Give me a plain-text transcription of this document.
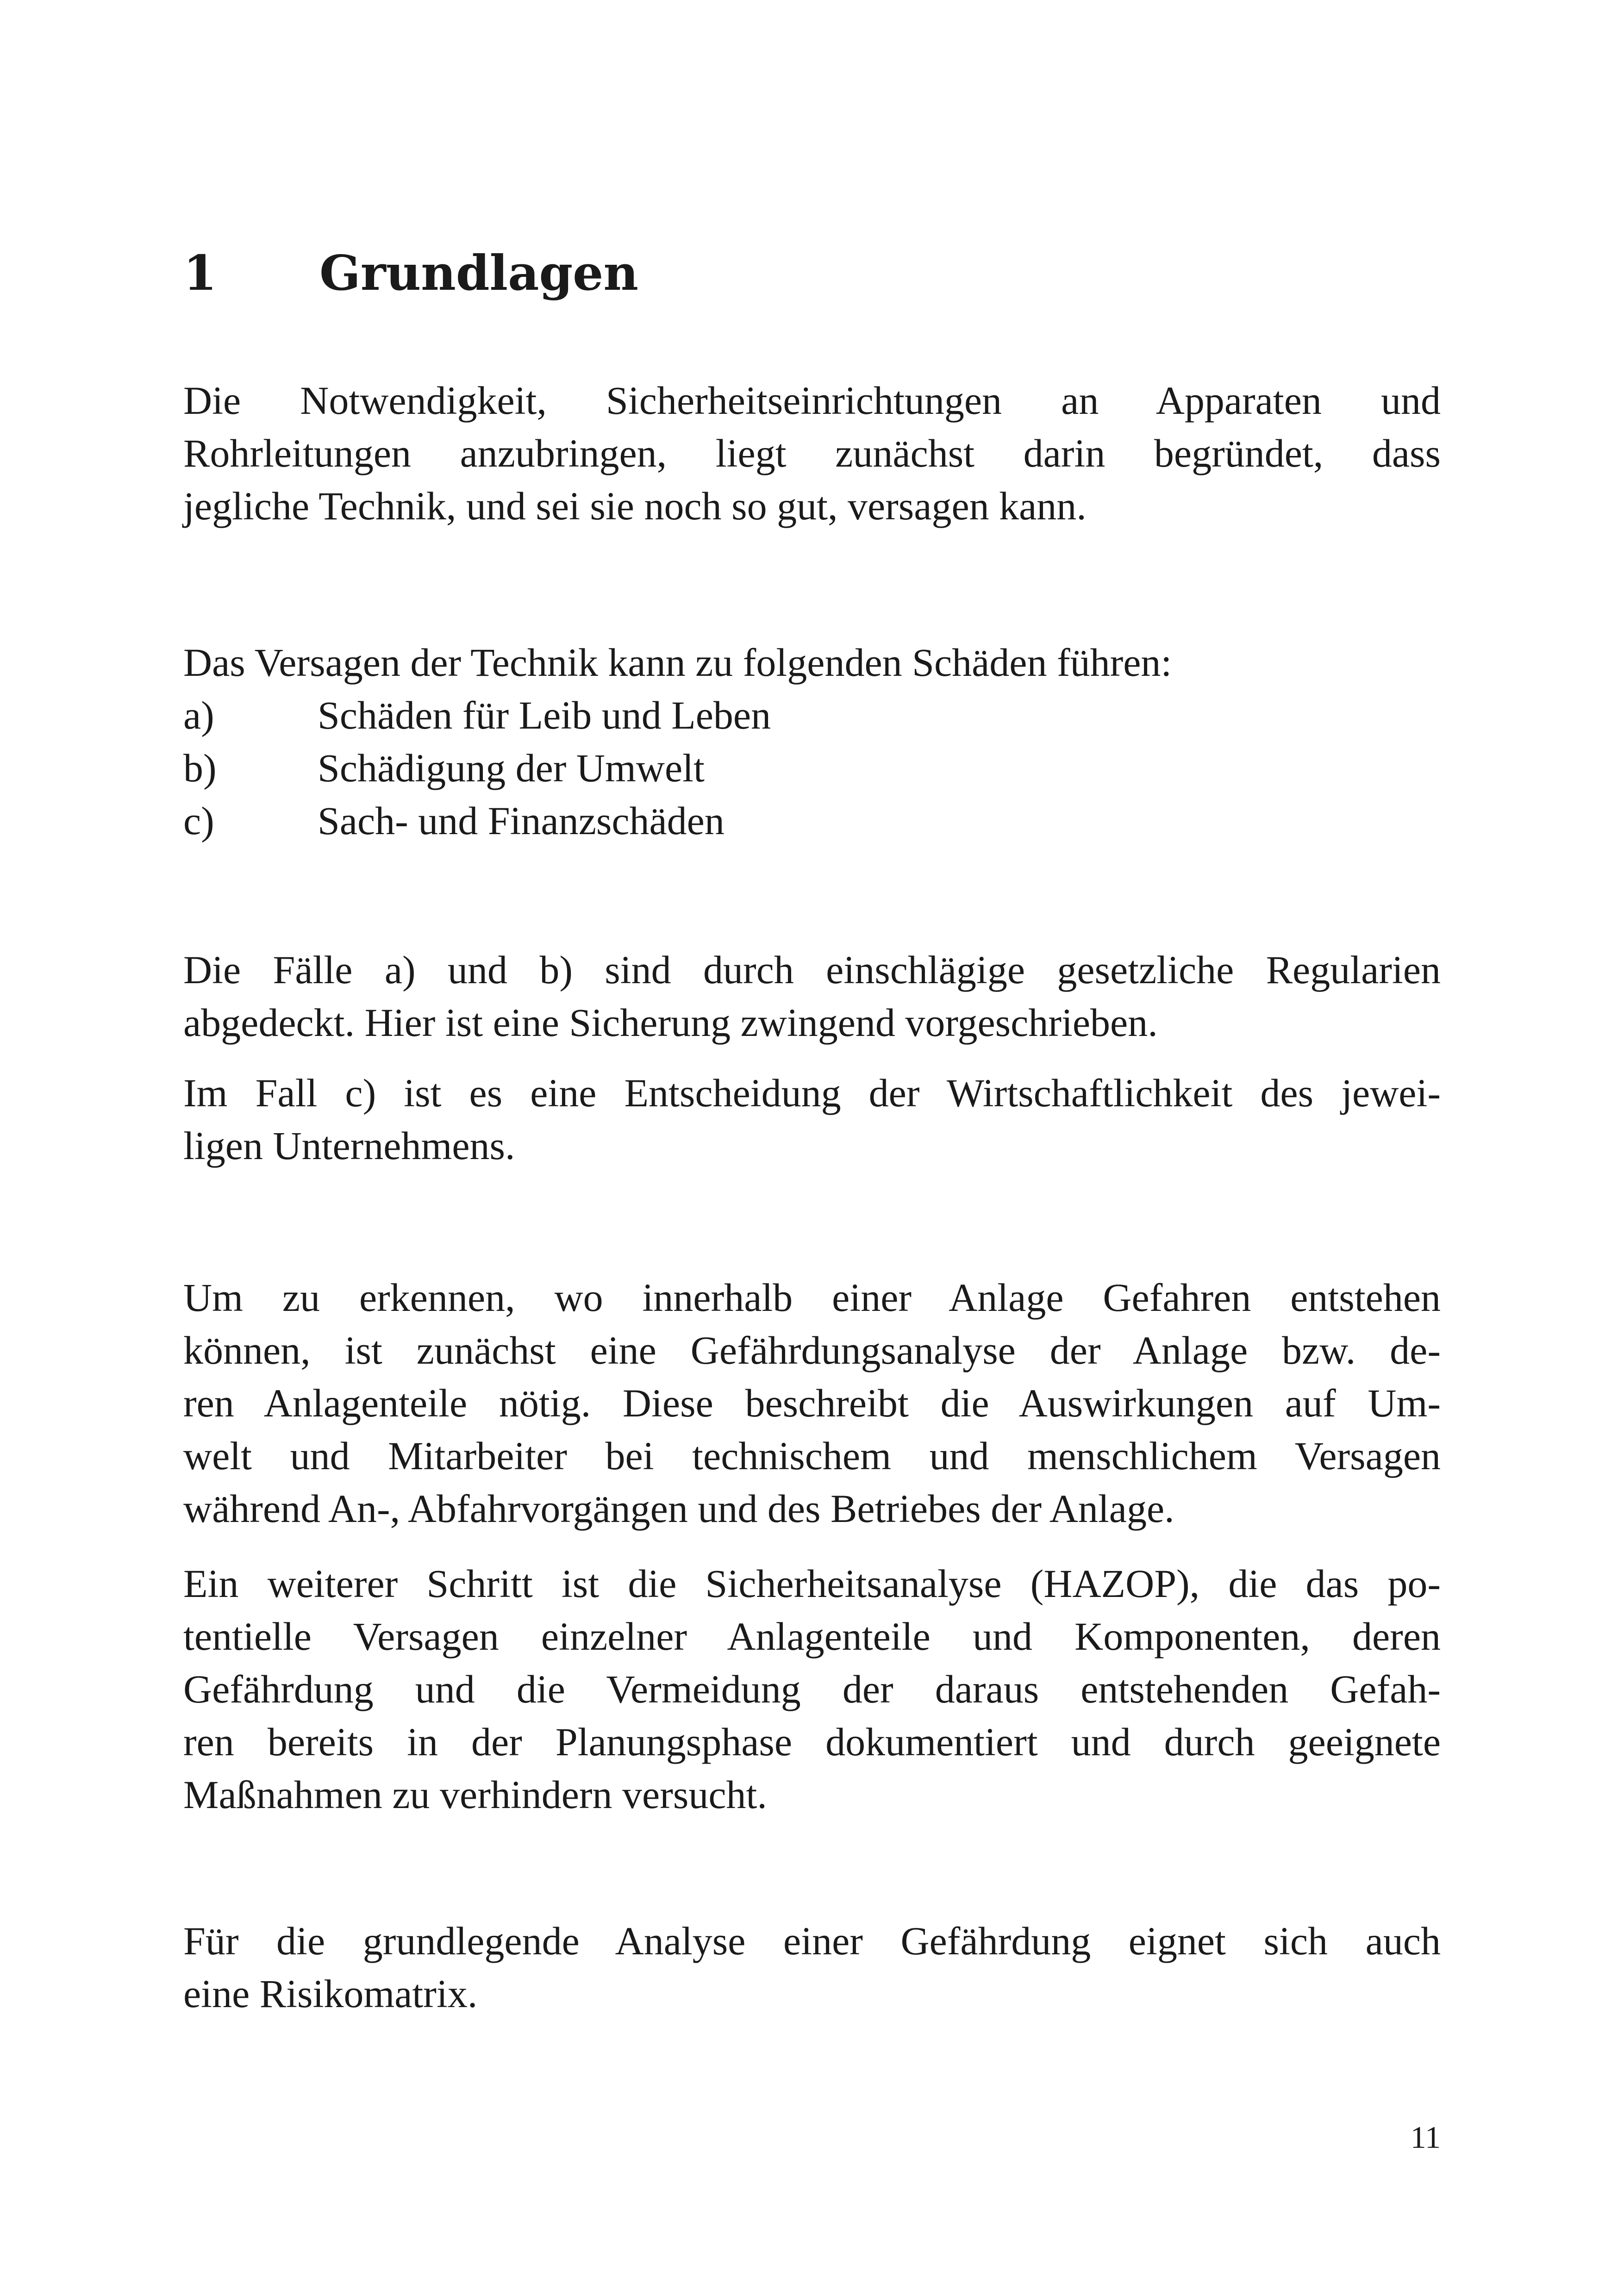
1 Grundlagen

Die Notwendigkeit, Sicherheitseinrichtungen an Apparaten und
Rohrleitungen anzubringen, liegt zunächst darin begründet, dass
jegliche Technik, und sei sie noch so gut, versagen kann.

Das Versagen der Technik kann zu folgenden Schäden führen:
a)	Schäden für Leib und Leben
b)	Schädigung der Umwelt
c)	Sach- und Finanzschäden

Die Fälle a) und b) sind durch einschlägige gesetzliche Regularien
abgedeckt. Hier ist eine Sicherung zwingend vorgeschrieben.

Im Fall c) ist es eine Entscheidung der Wirtschaftlichkeit des jewei-
ligen Unternehmens.

Um zu erkennen, wo innerhalb einer Anlage Gefahren entstehen
können, ist zunächst eine Gefährdungsanalyse der Anlage bzw. de-
ren Anlagenteile nötig. Diese beschreibt die Auswirkungen auf Um-
welt und Mitarbeiter bei technischem und menschlichem Versagen
während An-, Abfahrvorgängen und des Betriebes der Anlage.

Ein weiterer Schritt ist die Sicherheitsanalyse (HAZOP), die das po-
tentielle Versagen einzelner Anlagenteile und Komponenten, deren
Gefährdung und die Vermeidung der daraus entstehenden Gefah-
ren bereits in der Planungsphase dokumentiert und durch geeignete
Maßnahmen zu verhindern versucht.

Für die grundlegende Analyse einer Gefährdung eignet sich auch
eine Risikomatrix.

11
